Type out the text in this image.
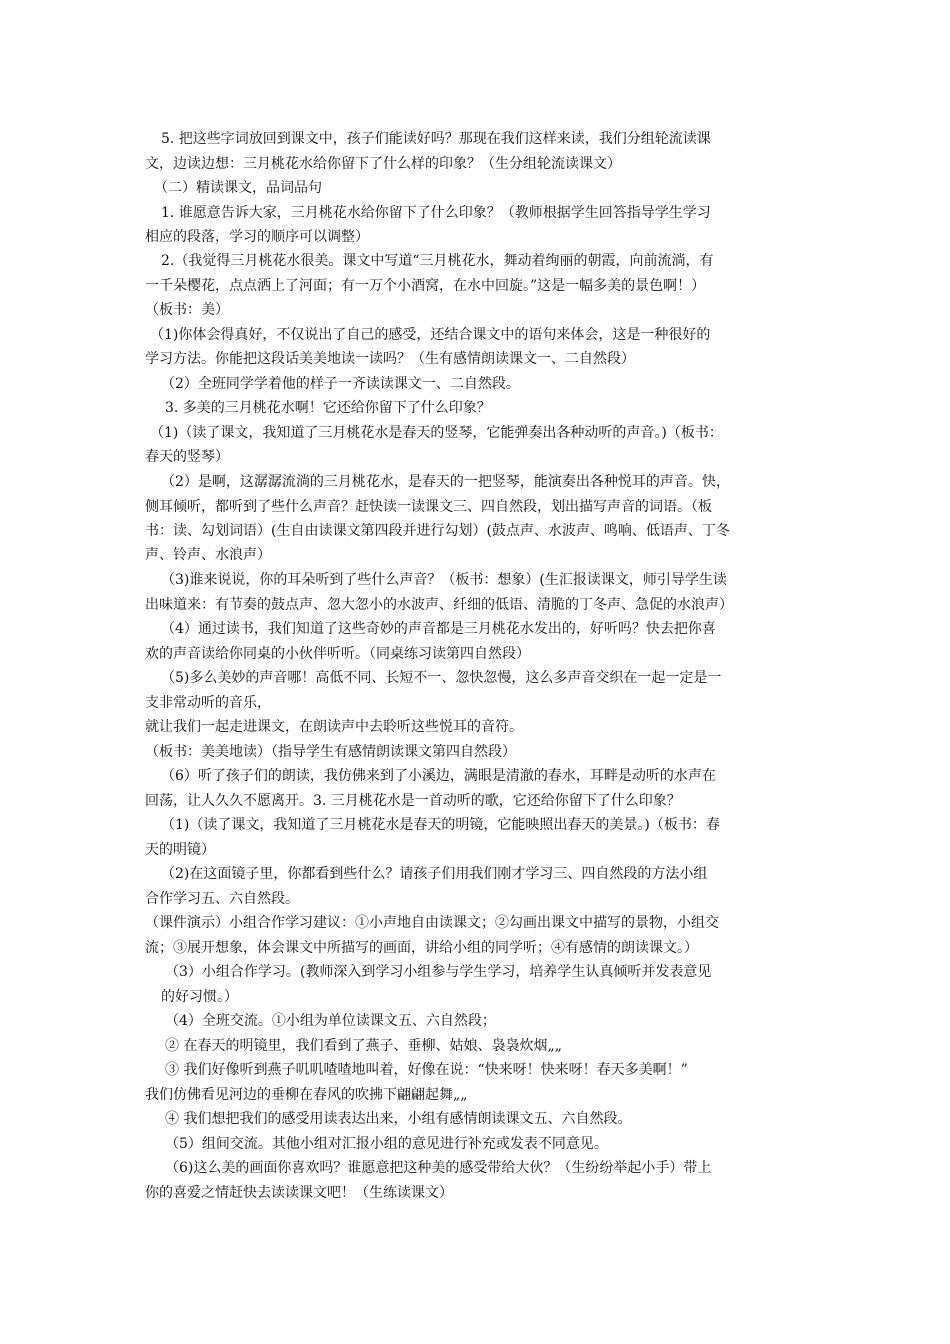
5. 把这些字词放回到课文中，孩子们能读好吗？那现在我们这样来读，我们分组轮流读课
文，边读边想：三月桃花水给你留下了什么样的印象？（生分组轮流读课文）
（二）精读课文，品词品句
1. 谁愿意告诉大家，三月桃花水给你留下了什么印象？（教师根据学生回答指导学生学习
相应的段落，学习的顺序可以调整）
2.（我觉得三月桃花水很美。课文中写道“三月桃花水，舞动着绚丽的朝霞，向前流淌，有
一千朵樱花，点点洒上了河面；有一万个小酒窝，在水中回旋。”这是一幅多美的景色啊！）
（板书：美）
（1)你体会得真好，不仅说出了自己的感受，还结合课文中的语句来体会，这是一种很好的
学习方法。你能把这段话美美地读一读吗？（生有感情朗读课文一、二自然段）
（2）全班同学学着他的样子一齐读读课文一、二自然段。
3. 多美的三月桃花水啊！它还给你留下了什么印象？
（1)（读了课文，我知道了三月桃花水是春天的竖琴，它能弹奏出各种动听的声音。)（板书：
春天的竖琴）
（2）是啊，这潺潺流淌的三月桃花水，是春天的一把竖琴，能演奏出各种悦耳的声音。快，
侧耳倾听，都听到了些什么声音？赶快读一读课文三、四自然段，划出描写声音的词语。（板
书：读、勾划词语）(生自由读课文第四段并进行勾划）(鼓点声、水波声、鸣响、低语声、丁冬
声、铃声、水浪声）
（3)谁来说说，你的耳朵听到了些什么声音？（板书：想象）(生汇报读课文，师引导学生读
出味道来：有节奏的鼓点声、忽大忽小的水波声、纤细的低语、清脆的丁冬声、急促的水浪声）
（4）通过读书，我们知道了这些奇妙的声音都是三月桃花水发出的，好听吗？快去把你喜
欢的声音读给你同桌的小伙伴听听。（同桌练习读第四自然段）
（5)多么美妙的声音哪！高低不同、长短不一、忽快忽慢，这么多声音交织在一起一定是一
支非常动听的音乐，
就让我们一起走进课文，在朗读声中去聆听这些悦耳的音符。
（板书：美美地读）（指导学生有感情朗读课文第四自然段）
（6）听了孩子们的朗读，我仿佛来到了小溪边，满眼是清澈的春水，耳畔是动听的水声在
回荡，让人久久不愿离开。3. 三月桃花水是一首动听的歌，它还给你留下了什么印象？
（1)（读了课文，我知道了三月桃花水是春天的明镜，它能映照出春天的美景。)（板书：春
天的明镜）
（2)在这面镜子里，你都看到些什么？请孩子们用我们刚才学习三、四自然段的方法小组
合作学习五、六自然段。
（课件演示）小组合作学习建议：①小声地自由读课文；②勾画出课文中描写的景物，小组交
流；③展开想象，体会课文中所描写的画面，讲给小组的同学听；④有感情的朗读课文。）
（3）小组合作学习。(教师深入到学习小组参与学生学习，培养学生认真倾听并发表意见
的好习惯。）
（4）全班交流。①小组为单位读课文五、六自然段；
② 在春天的明镜里，我们看到了燕子、垂柳、姑娘、袅袅炊烟„„
③ 我们好像听到燕子叽叽喳喳地叫着，好像在说：“快来呀！快来呀！春天多美啊！”
我们仿佛看见河边的垂柳在春风的吹拂下翩翩起舞„„
④ 我们想把我们的感受用读表达出来，小组有感情朗读课文五、六自然段。
（5）组间交流。其他小组对汇报小组的意见进行补充或发表不同意见。
（6)这么美的画面你喜欢吗？谁愿意把这种美的感受带给大伙？（生纷纷举起小手）带上
你的喜爱之情赶快去读读课文吧！（生练读课文）
